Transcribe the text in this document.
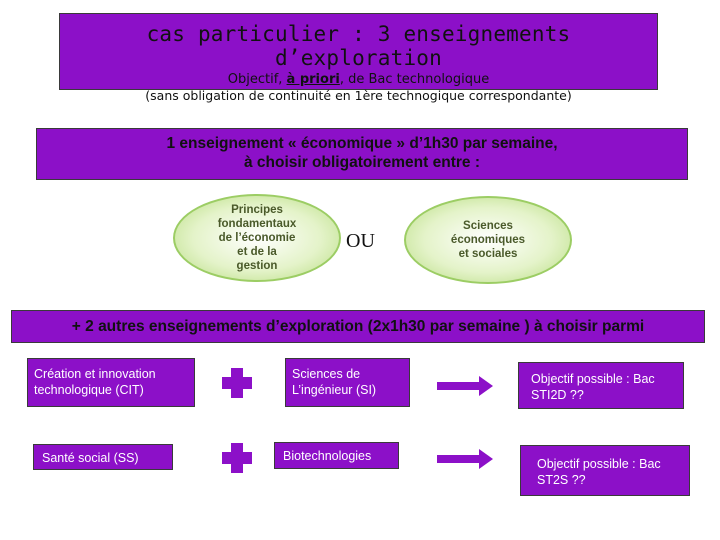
cas particulier : 3 enseignements d’exploration
Objectif, à priori, de Bac technologique
(sans obligation de continuité en 1ère technogique correspondante)
1 enseignement « économique » d’1h30 par semaine,
à choisir obligatoirement entre :
Principes
fondamentaux
de l’économie
et de la
gestion
OU
Sciences
économiques
et sociales
+ 2 autres enseignements d’exploration (2x1h30 par semaine ) à choisir parmi
Création et innovation technologique (CIT)
Sciences de L’ingénieur (SI)
Objectif possible : Bac STI2D ??
Santé social (SS)	Biotechnologies
Objectif possible : Bac ST2S ??
